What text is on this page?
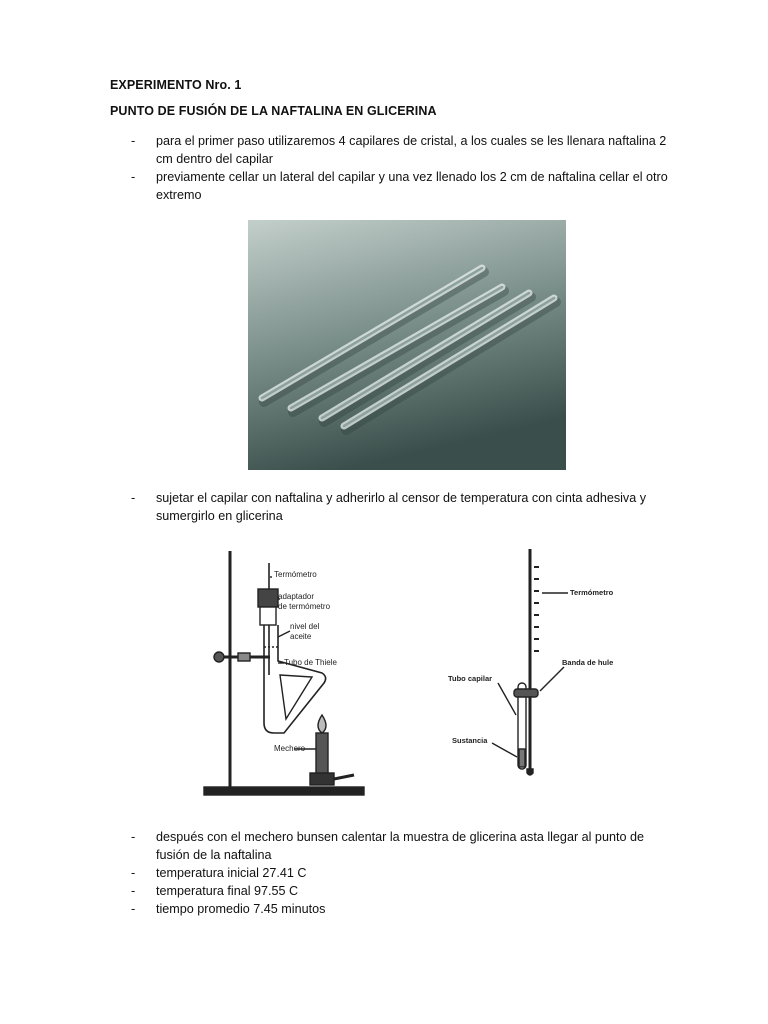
EXPERIMENTO Nro. 1
PUNTO DE FUSIÓN DE LA NAFTALINA EN GLICERINA
- para el primer paso utilizaremos 4 capilares de cristal, a los cuales se les llenara naftalina 2 cm dentro del capilar
- previamente cellar un lateral del capilar y una vez llenado los 2 cm de naftalina cellar el otro extremo
- sujetar el capilar con naftalina y adherirlo al censor de temperatura con cinta adhesiva y sumergirlo en glicerina
Termómetro
adaptador
de termómetro
nivel del
aceite
Tubo de Thiele
Mechero
Termómetro
Banda de hule
Tubo capilar
Sustancia
- después con el mechero bunsen calentar la muestra de glicerina asta llegar al punto de fusión de la naftalina
- temperatura inicial 27.41 C
- temperatura final 97.55 C
- tiempo promedio 7.45 minutos
